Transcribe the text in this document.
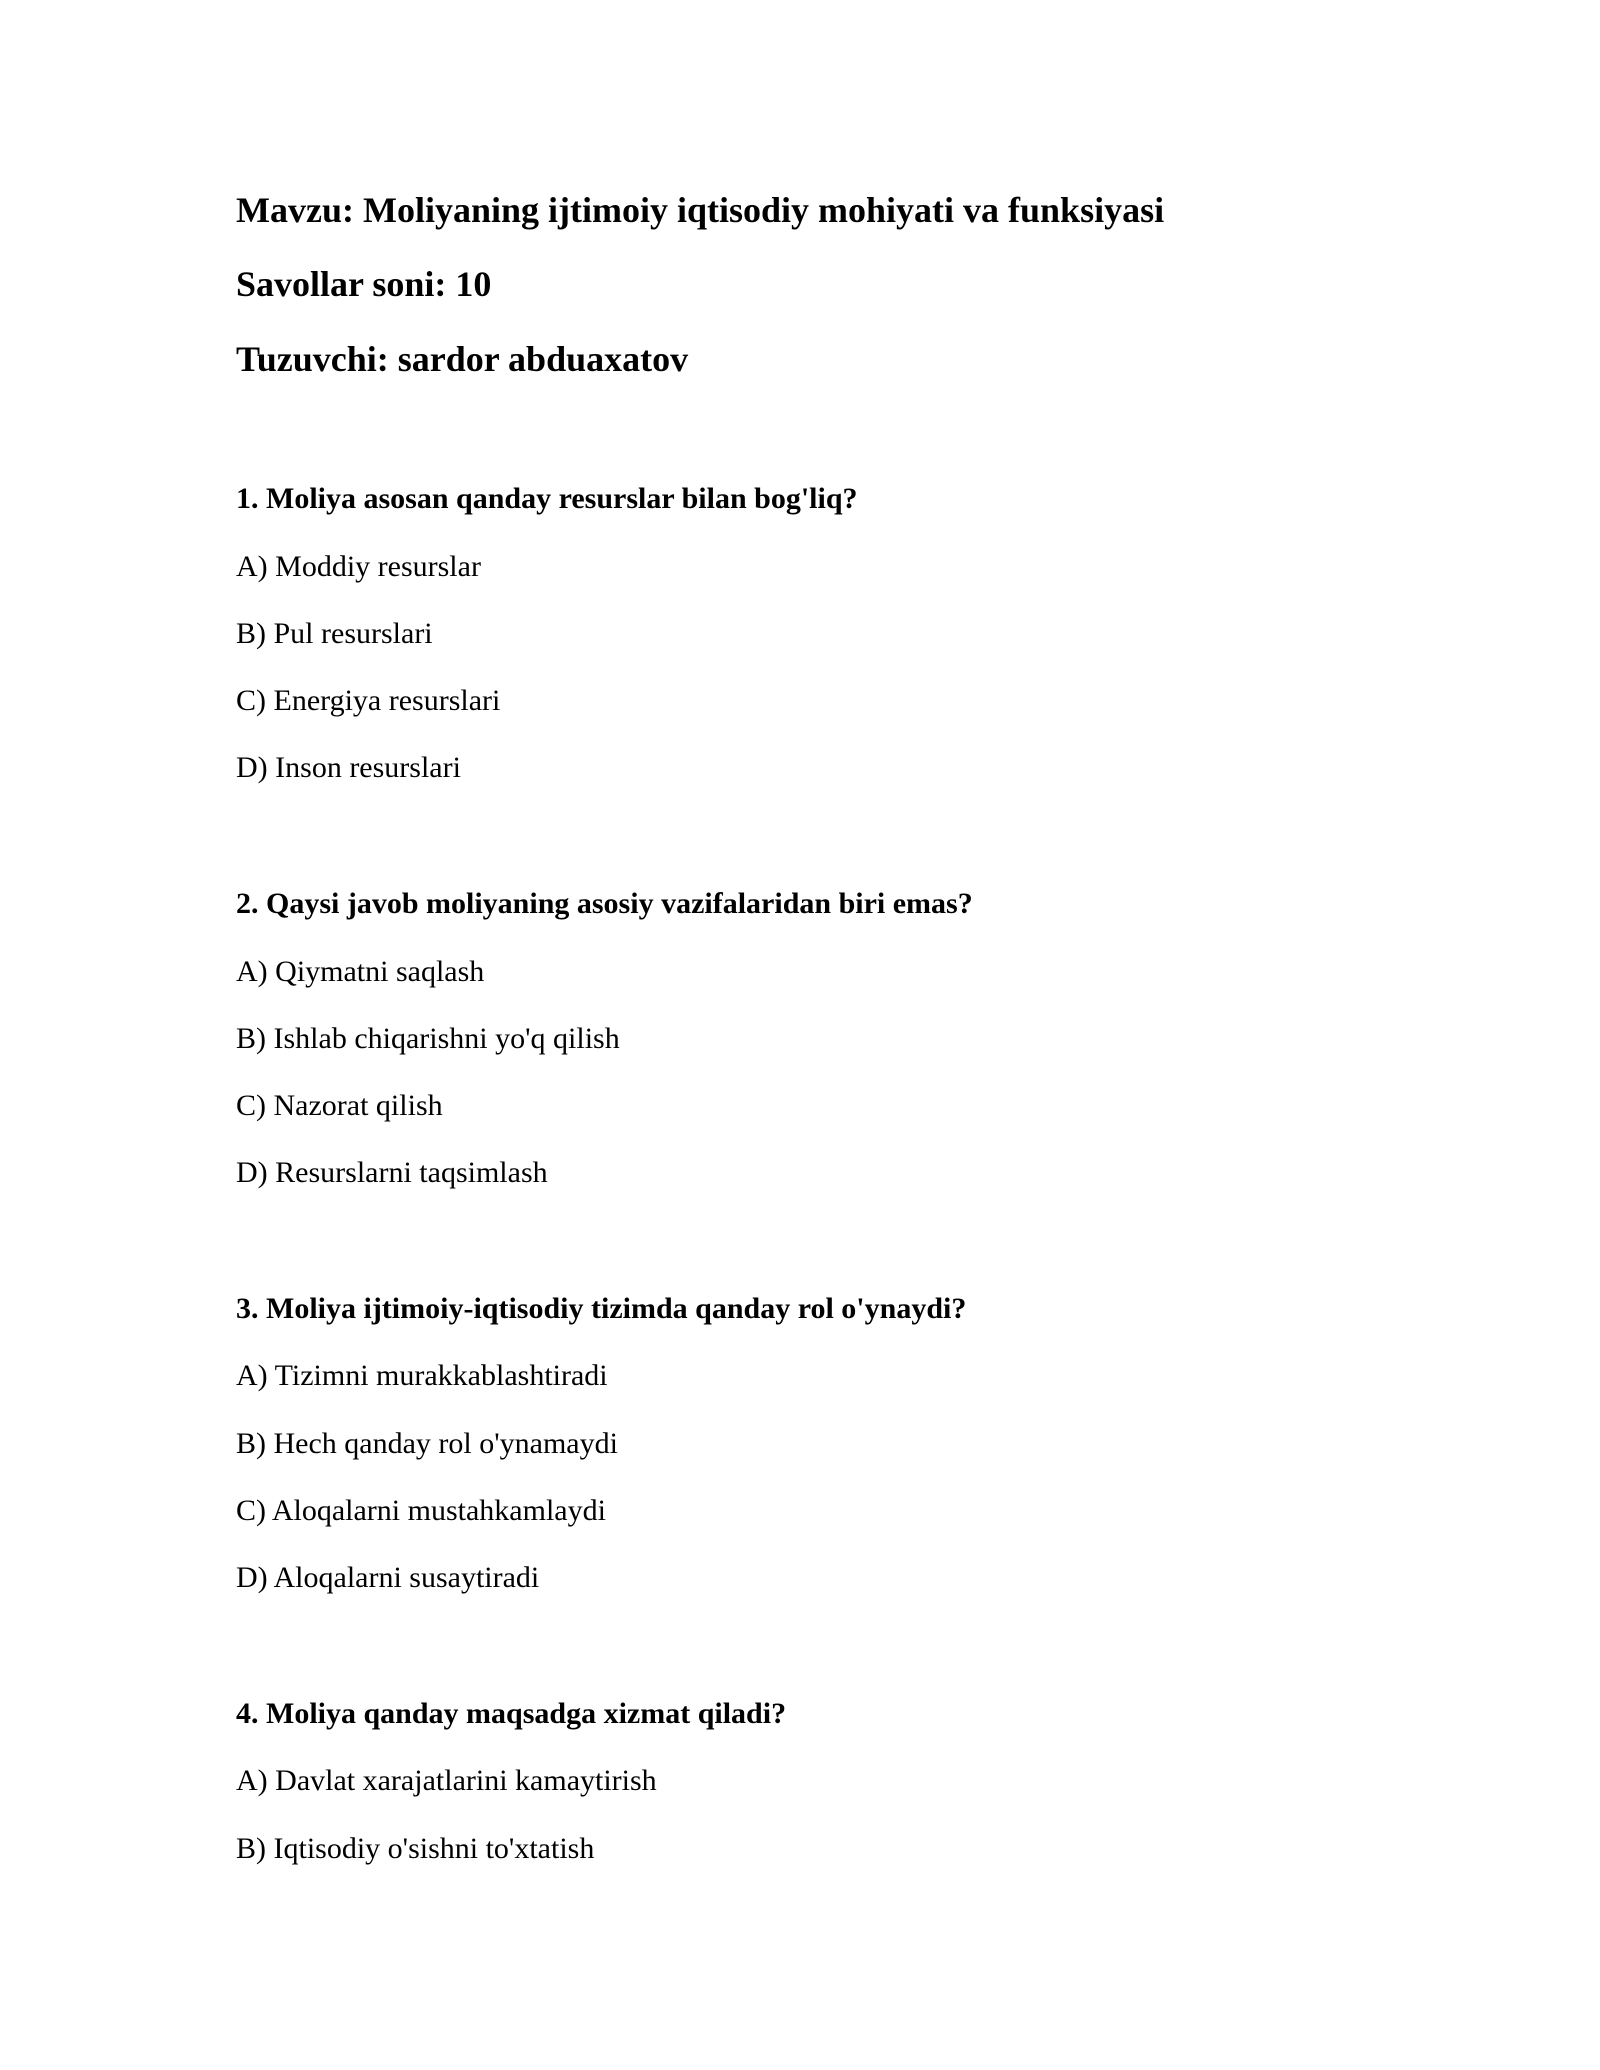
Mavzu: Moliyaning ijtimoiy iqtisodiy mohiyati va funksiyasi
Savollar soni: 10
Tuzuvchi: sardor abduaxatov
1. Moliya asosan qanday resurslar bilan bog'liq?
A) Moddiy resurslar
B) Pul resurslari
C) Energiya resurslari
D) Inson resurslari
2. Qaysi javob moliyaning asosiy vazifalaridan biri emas?
A) Qiymatni saqlash
B) Ishlab chiqarishni yo'q qilish
C) Nazorat qilish
D) Resurslarni taqsimlash
3. Moliya ijtimoiy-iqtisodiy tizimda qanday rol o'ynaydi?
A) Tizimni murakkablashtiradi
B) Hech qanday rol o'ynamaydi
C) Aloqalarni mustahkamlaydi
D) Aloqalarni susaytiradi
4. Moliya qanday maqsadga xizmat qiladi?
A) Davlat xarajatlarini kamaytirish
B) Iqtisodiy o'sishni to'xtatish
